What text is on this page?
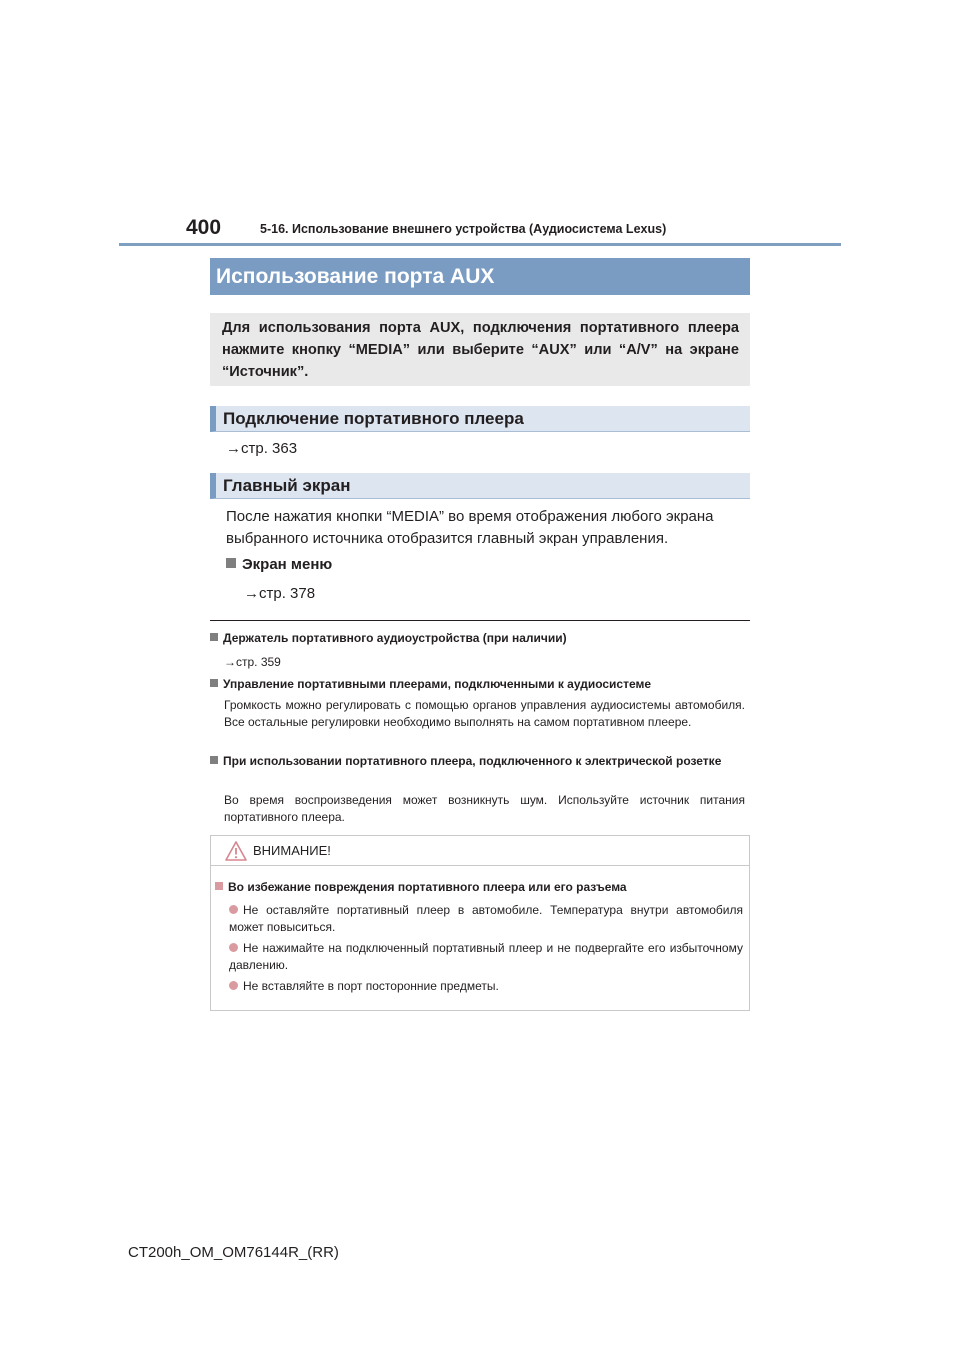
400	5-16. Использование внешнего устройства (Аудиосистема Lexus)
Использование порта AUX

Для использования порта AUX, подключения портативного плеера нажмите кнопку “MEDIA” или выберите “AUX” или “A/V” на экране “Источник”.

Подключение портативного плеера
→стр. 363
Главный экран
После нажатия кнопки “MEDIA” во время отображения любого экрана
выбранного источника отобразится главный экран управления.
Экран меню
→стр. 378
Держатель портативного аудиоустройства (при наличии)
→стр. 359
Управление портативными плеерами, подключенными к аудиосистеме
Громкость можно регулировать с помощью органов управления аудиосистемы автомобиля. Все остальные регулировки необходимо выполнять на самом портативном плеере.
При использовании портативного плеера, подключенного к электрической розетке
Во время воспроизведения может возникнуть шум. Используйте источник питания портативного плеера.
ВНИМАНИЕ!
Во избежание повреждения портативного плеера или его разъема
Не оставляйте портативный плеер в автомобиле. Температура внутри автомобиля может повыситься.
Не нажимайте на подключенный портативный плеер и не подвергайте его избыточному давлению.
Не вставляйте в порт посторонние предметы.
CT200h_OM_OM76144R_(RR)
